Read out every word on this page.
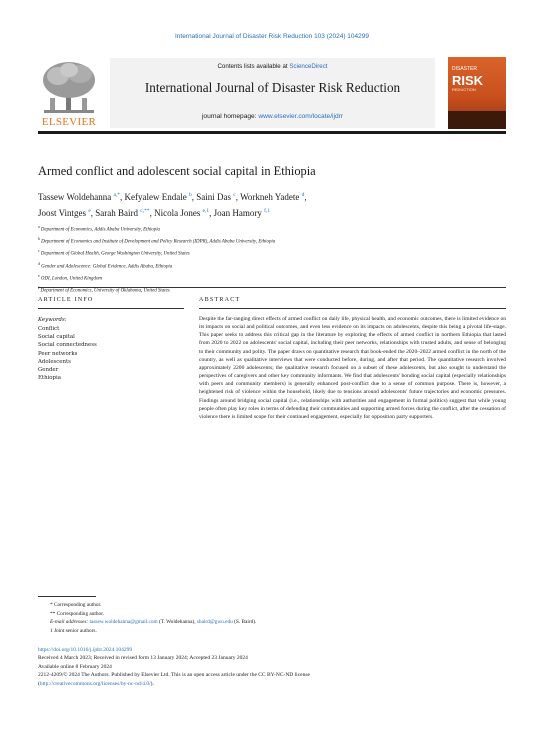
International Journal of Disaster Risk Reduction 103 (2024) 104299
ELSEVIER
Contents lists available at ScienceDirect
International Journal of Disaster Risk Reduction
journal homepage: www.elsevier.com/locate/ijdrr
DISASTER
RISK
REDUCTION
Armed conflict and adolescent social capital in Ethiopia
Tassew Woldehanna $^{a,*}$, Kefyalew Endale $^b$, Saini Das $^c$, Workneh Yadete $^d$,
Joost Vintges $^e$, Sarah Baird $^{c,**}$, Nicola Jones $^{e,1}$, Joan Hamory $^{f,1}$
$^a$ Department of Economics, Addis Ababa University, Ethiopia
$^b$ Department of Economics and Institute of Development and Policy Research (IDPR), Addis Ababa University, Ethiopia
$^c$ Department of Global Health, George Washington University, United States
$^d$ Gender and Adolescence: Global Evidence, Addis Ababa, Ethiopia
$^e$ ODI, London, United Kingdom
$^f$ Department of Economics, University of Oklahoma, United States
ARTICLE INFO	ABSTRACT
Keywords:
Conflict
Social capital
Social connectedness
Peer networks
Adolescents
Gender
Ethiopia
Despite the far-ranging direct effects of armed conflict on daily life, physical health, and economic outcomes, there is limited evidence on its impacts on social and political outcomes, and even less evidence on its impacts on adolescents, despite this being a pivotal life-stage. This paper seeks to address this critical gap in the literature by exploring the effects of armed conflict in northern Ethiopia that lasted from 2020 to 2022 on adolescents' social capital, including their peer networks, relationships with trusted adults, and sense of belonging to their community and polity. The paper draws on quantitative research that book-ended the 2020–2022 armed conflict in the north of the country, as well as qualitative interviews that were conducted before, during, and after that period. The quantitative research involved approximately 2200 adolescents; the qualitative research focused on a subset of these adolescents, but also sought to understand the perspectives of caregivers and other key community informants. We find that adolescents' bonding social capital (especially relationships with peers and community members) is generally enhanced post-conflict due to a sense of common purpose. There is, however, a heightened risk of violence within the household, likely due to tensions around adolescents' future trajectories and economic pressures. Findings around bridging social capital (i.e., relationships with authorities and engagement in formal politics) suggest that while young people often play key roles in terms of defending their communities and supporting armed forces during the conflict, after the cessation of violence there is limited scope for their continued engagement, especially for opposition party supporters.
* Corresponding author.
** Corresponding author.
E-mail addresses: tassew.woldehanna@gmail.com (T. Woldehanna), sbaird@gwu.edu (S. Baird).
1 Joint senior authors.
https://doi.org/10.1016/j.ijdrr.2024.104299
Received 4 March 2023; Received in revised form 13 January 2024; Accepted 23 January 2024
Available online 8 February 2024
2212-4209/© 2024 The Authors. Published by Elsevier Ltd. This is an open access article under the CC BY-NC-ND license
(http://creativecommons.org/licenses/by-nc-nd/4.0/).
